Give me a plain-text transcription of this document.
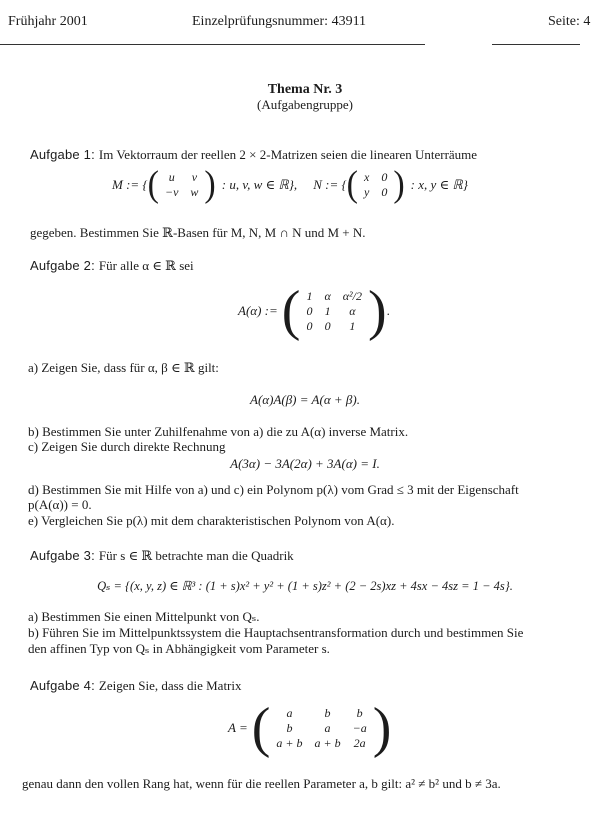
Frühjahr 2001	Einzelprüfungsnummer: 43911	Seite: 4
Thema Nr. 3
(Aufgabengruppe)
Aufgabe 1: Im Vektorraum der reellen 2 × 2-Matrizen seien die linearen Unterräume
M := { ( u	v
−v	w ) : u, v, w ∈ ℝ}, N := { ( x	0
y	0 ) : x, y ∈ ℝ}
gegeben. Bestimmen Sie ℝ-Basen für M, N, M ∩ N und M + N.
Aufgabe 2: Für alle α ∈ ℝ sei
A(α) := ( 1	α	α²/2
0	1	α
0	0	1 ) .
a) Zeigen Sie, dass für α, β ∈ ℝ gilt:
A(α)A(β) = A(α + β).
b) Bestimmen Sie unter Zuhilfenahme von a) die zu A(α) inverse Matrix.
c) Zeigen Sie durch direkte Rechnung
A(3α) − 3A(2α) + 3A(α) = I.
d) Bestimmen Sie mit Hilfe von a) und c) ein Polynom p(λ) vom Grad ≤ 3 mit der Eigenschaft
p(A(α)) = 0.
e) Vergleichen Sie p(λ) mit dem charakteristischen Polynom von A(α).
Aufgabe 3: Für s ∈ ℝ betrachte man die Quadrik
Qₛ = {(x, y, z) ∈ ℝ³ : (1 + s)x² + y² + (1 + s)z² + (2 − 2s)xz + 4sx − 4sz = 1 − 4s}.
a) Bestimmen Sie einen Mittelpunkt von Qₛ.
b) Führen Sie im Mittelpunktssystem die Hauptachsentransformation durch und bestimmen Sie
den affinen Typ von Qₛ in Abhängigkeit vom Parameter s.
Aufgabe 4: Zeigen Sie, dass die Matrix
A = ( a	b	b
b	a	−a
a + b	a + b	2a )
genau dann den vollen Rang hat, wenn für die reellen Parameter a, b gilt: a² ≠ b² und b ≠ 3a.
